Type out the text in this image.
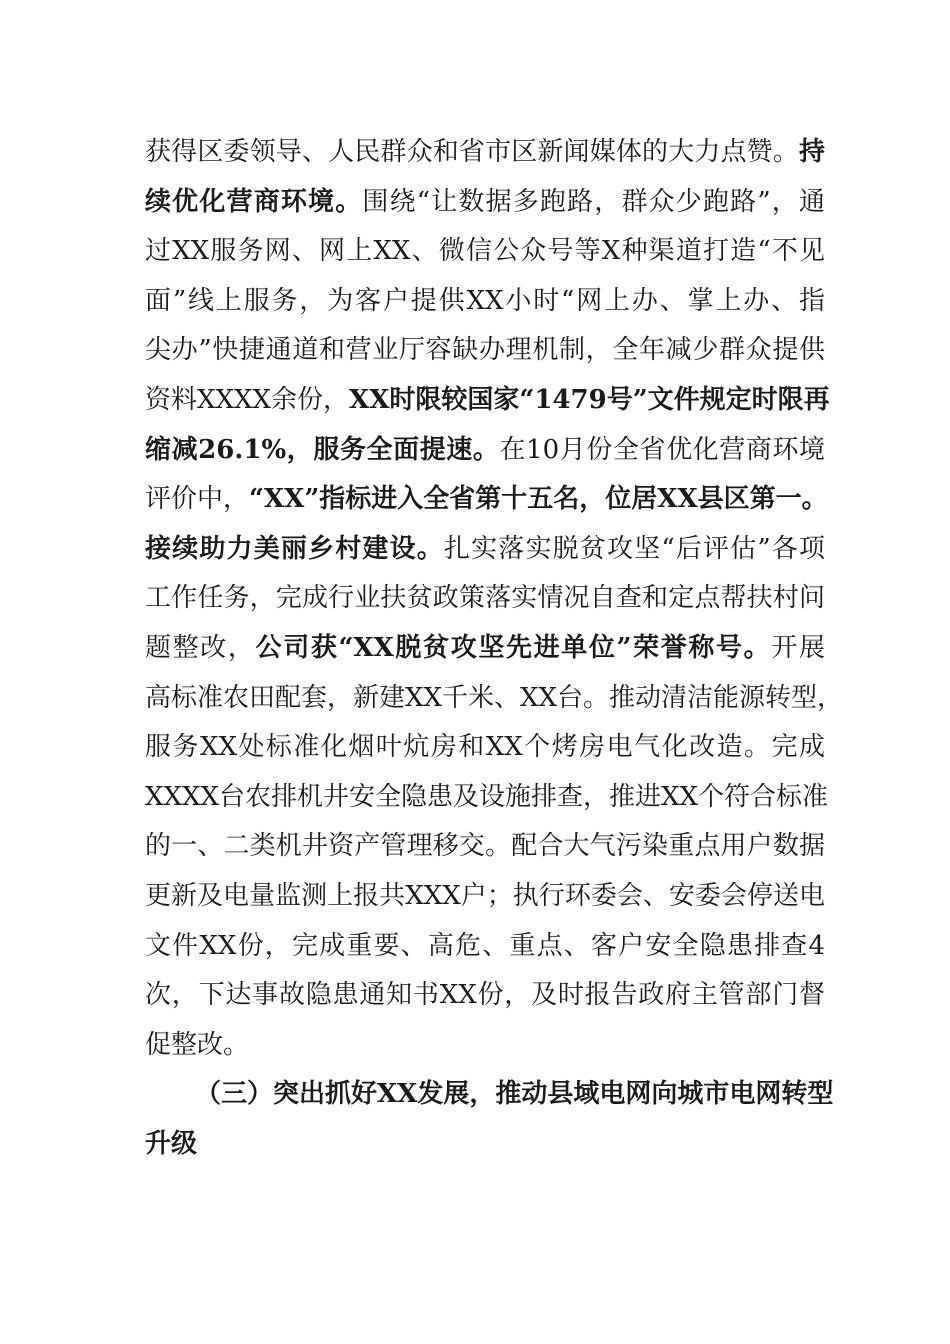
获得区委领导、人民群众和省市区新闻媒体的大力点赞。持
续优化营商环境。围绕“让数据多跑路，群众少跑路”，通
过XX服务网、网上XX、微信公众号等X种渠道打造“不见
面”线上服务，为客户提供XX小时“网上办、掌上办、指
尖办”快捷通道和营业厅容缺办理机制，全年减少群众提供
资料XXXX余份，XX时限较国家“1479号”文件规定时限再
缩减26.1%，服务全面提速。在10月份全省优化营商环境
评价中，“XX”指标进入全省第十五名，位居XX县区第一。
接续助力美丽乡村建设。扎实落实脱贫攻坚“后评估”各项
工作任务，完成行业扶贫政策落实情况自查和定点帮扶村问
题整改，公司获“XX脱贫攻坚先进单位”荣誉称号。开展
高标准农田配套，新建XX千米、XX台。推动清洁能源转型，
服务XX处标准化烟叶炕房和XX个烤房电气化改造。完成
XXXX台农排机井安全隐患及设施排查，推进XX个符合标准
的一、二类机井资产管理移交。配合大气污染重点用户数据
更新及电量监测上报共XXX户；执行环委会、安委会停送电
文件XX份，完成重要、高危、重点、客户安全隐患排查4
次，下达事故隐患通知书XX份，及时报告政府主管部门督
促整改。
（三）突出抓好XX发展，推动县域电网向城市电网转型
升级
